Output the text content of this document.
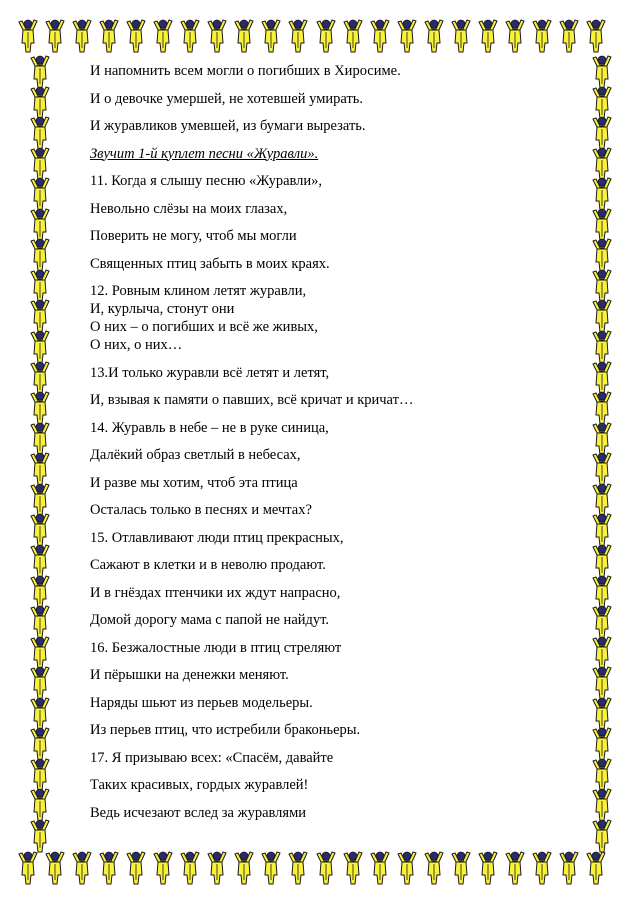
И напомнить всем могли о погибших в Хиросиме.
И о девочке умершей, не хотевшей умирать.
И журавликов умевшей, из бумаги вырезать.
Звучит 1-й куплет песни «Журавли».
11. Когда я слышу песню «Журавли»,
Невольно слёзы на моих глазах,
Поверить не могу, чтоб мы могли
Священных птиц забыть в моих краях.
12. Ровным клином летят журавли,
И, курлыча, стонут они
О них – о погибших и всё же живых,
О них, о них…
13.И только журавли всё летят и летят,
И, взывая к памяти о павших, всё кричат и кричат…
14. Журавль в небе – не в руке синица,
Далёкий образ светлый в небесах,
И разве мы хотим, чтоб эта птица
Осталась только в песнях и мечтах?
15. Отлавливают люди птиц прекрасных,
Сажают в клетки и в неволю продают.
И в гнёздах птенчики их ждут напрасно,
Домой дорогу мама с папой не найдут.
16. Безжалостные люди в птиц стреляют
И пёрышки на денежки меняют.
Наряды шьют из перьев модельеры.
Из перьев птиц, что истребили браконьеры.
17. Я призываю всех: «Спасём, давайте
Таких красивых, гордых журавлей!
Ведь исчезают вслед за журавлями
